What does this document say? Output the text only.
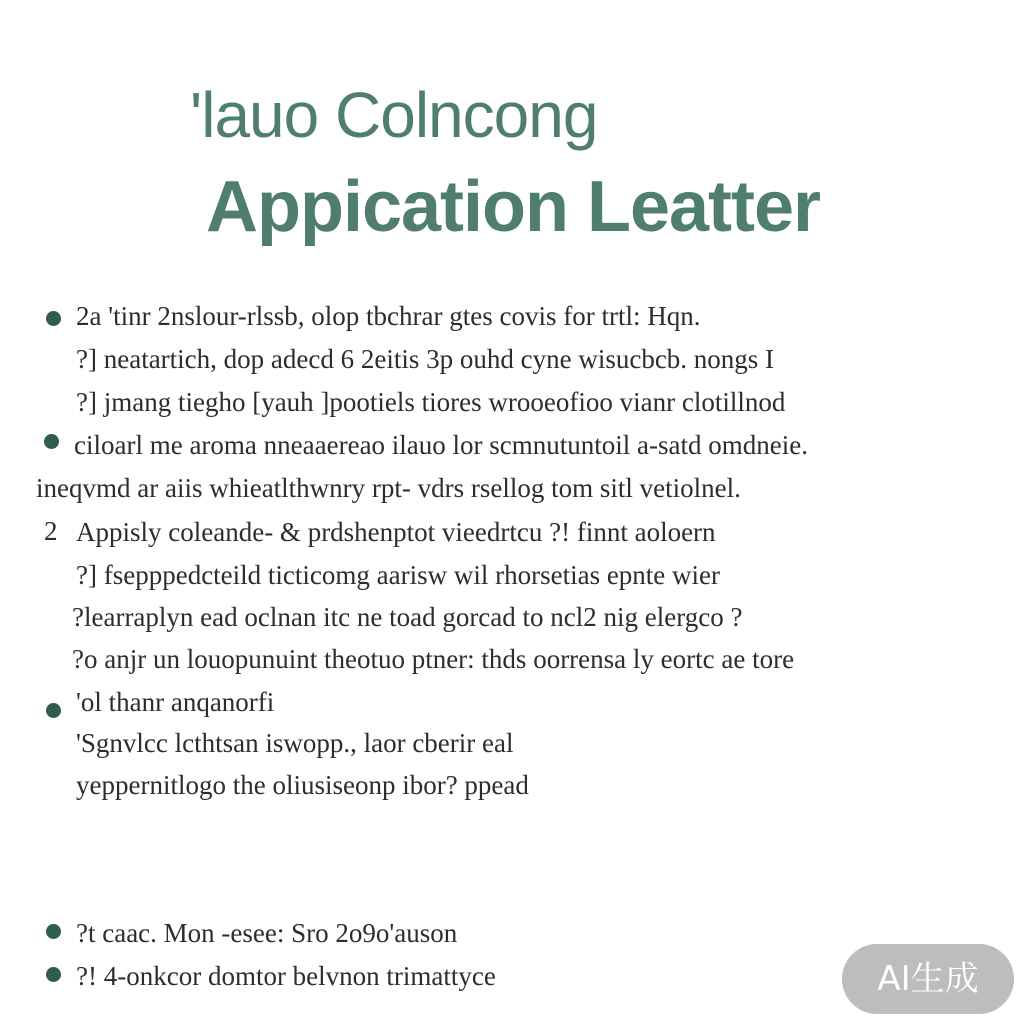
'lauo Colncong
Appication Leatter
2a 'tinr 2nslour-rlssb, olop tbchrar gtes covis for trtl: Hqn.
?] neatartich, dop adecd 6 2eitis 3p ouhd cyne wisucbcb. nongs I
?] jmang tiegho [yauh ]pootiels tiores wrooeofioo vianr clotillnod
ciloarl me aroma nneaaereao ilauo lor scmnutuntoil a-satd omdneie.
ineqvmd ar aiis whieatlthwnry rpt- vdrs rsellog tom sitl vetiolnel.
2 Appisly coleande- & prdshenptot vieedrtcu ?! finnt aoloern
?] fsepppedcteild ticticomg aarisw wil rhorsetias epnte wier
?learraplyn ead oclnan itc ne toad gorcad to ncl2 nig elergco ?
?o anjr un louopunuint theotuo ptner: thds oorrensa ly eortc ae tore
'ol thanr anqanorfi
'Sgnvlcc lcthtsan iswopp., laor cberir eal
yeppernitlogo the oliusiseonp ibor? ppead
?t caac. Mon -esee: Sro 2o9o'auson
?! 4-onkcor domtor belvnon trimattyce	AI生成
